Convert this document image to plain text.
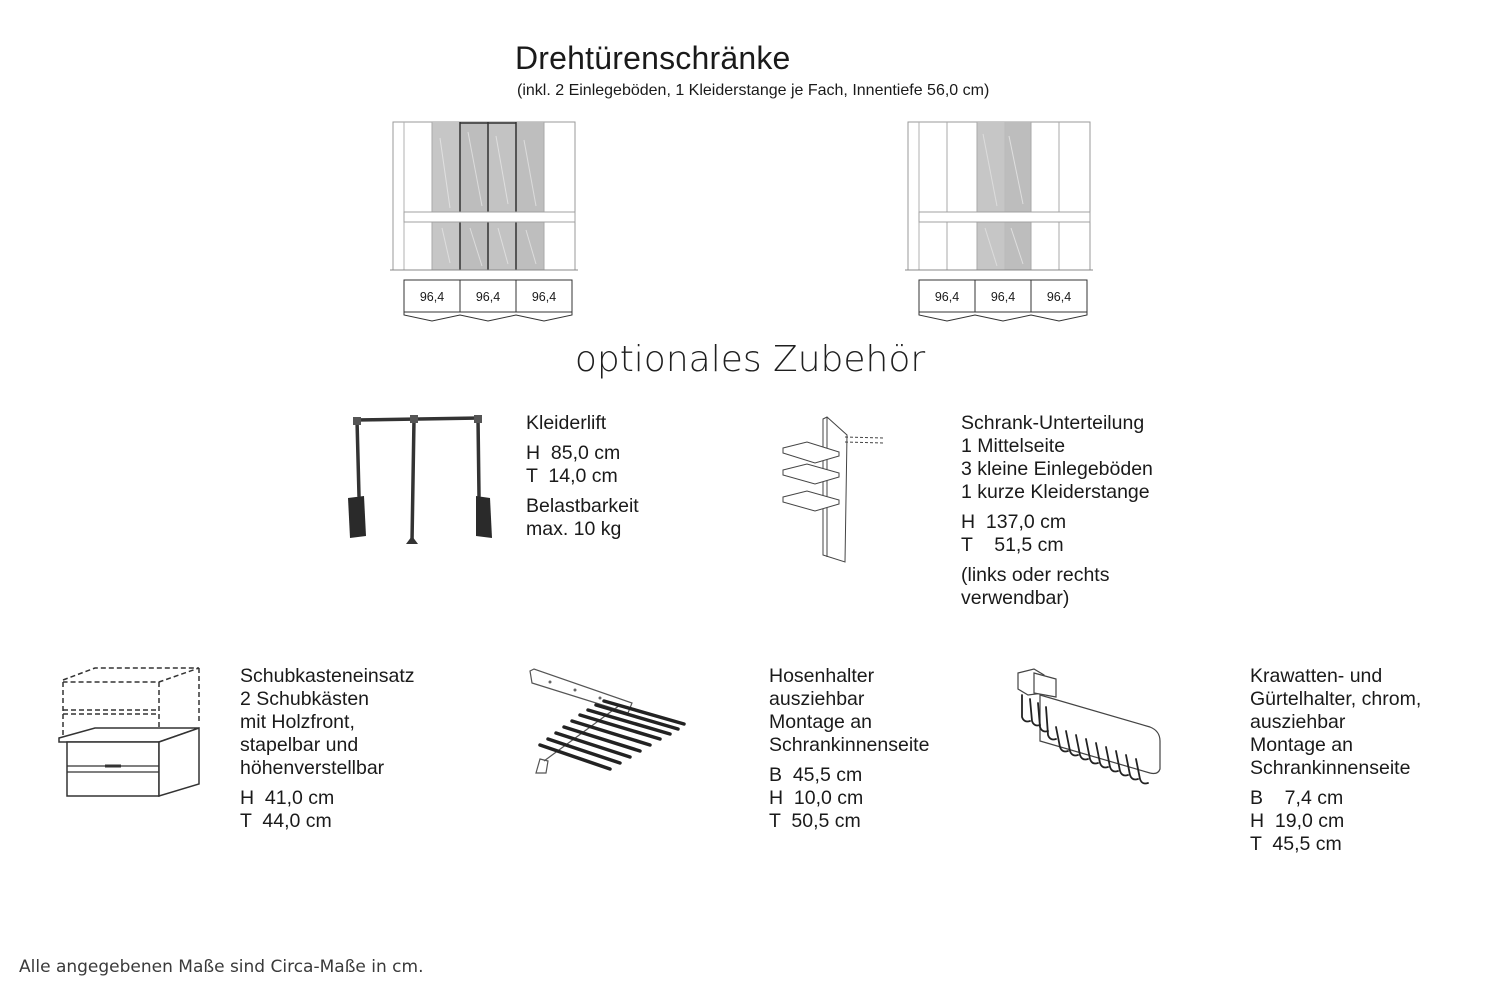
Drehtürenschränke
(inkl. 2 Einlegeböden, 1 Kleiderstange je Fach, Innentiefe 56,0 cm)
96,4	96,4	96,4	96,4	96,4	96,4
optionales Zubehör
Kleiderlift
H  85,0 cm
T  14,0 cm
Belastbarkeit
max. 10 kg
Schrank-Unterteilung
1 Mittelseite
3 kleine Einlegeböden
1 kurze Kleiderstange
H  137,0 cm
T    51,5 cm
(links oder rechts
verwendbar)
Schubkasteneinsatz
2 Schubkästen
mit Holzfront,
stapelbar und
höhenverstellbar
H  41,0 cm
T  44,0 cm
Hosenhalter
ausziehbar
Montage an
Schrankinnenseite
B  45,5 cm
H  10,0 cm
T  50,5 cm
Krawatten- und
Gürtelhalter, chrom,
ausziehbar
Montage an
Schrankinnenseite
B    7,4 cm
H  19,0 cm
T  45,5 cm
Alle angegebenen Maße sind Circa-Maße in cm.
